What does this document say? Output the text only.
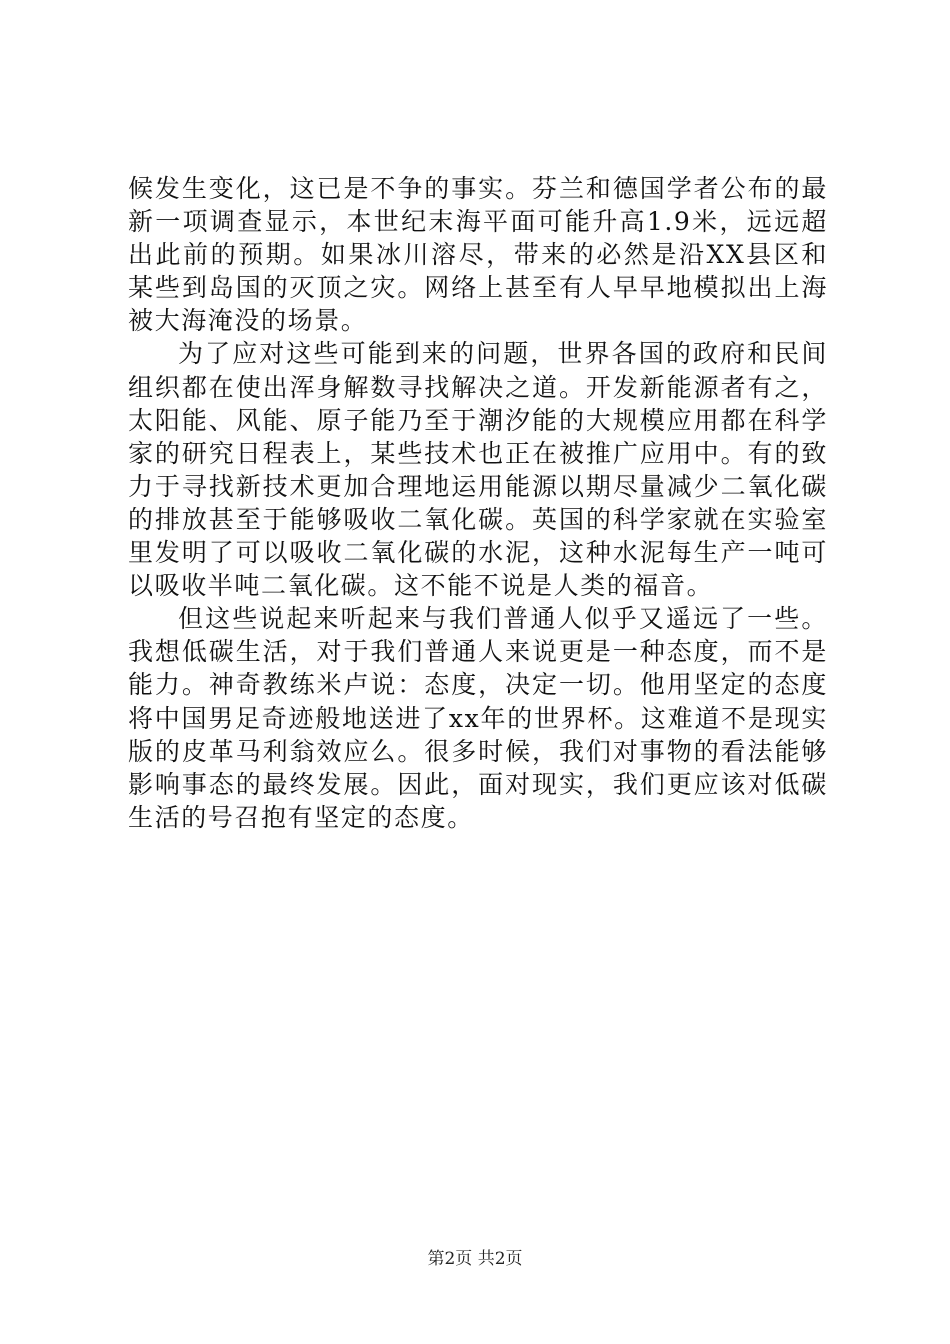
候发生变化，这已是不争的事实。芬兰和德国学者公布的最新一项调查显示，本世纪末海平面可能升高1.9米，远远超出此前的预期。如果冰川溶尽，带来的必然是沿XX县区和某些到岛国的灭顶之灾。网络上甚至有人早早地模拟出上海被大海淹没的场景。

为了应对这些可能到来的问题，世界各国的政府和民间组织都在使出浑身解数寻找解决之道。开发新能源者有之，太阳能、风能、原子能乃至于潮汐能的大规模应用都在科学家的研究日程表上，某些技术也正在被推广应用中。有的致力于寻找新技术更加合理地运用能源以期尽量减少二氧化碳的排放甚至于能够吸收二氧化碳。英国的科学家就在实验室里发明了可以吸收二氧化碳的水泥，这种水泥每生产一吨可以吸收半吨二氧化碳。这不能不说是人类的福音。

但这些说起来听起来与我们普通人似乎又遥远了一些。我想低碳生活，对于我们普通人来说更是一种态度，而不是能力。神奇教练米卢说：态度，决定一切。他用坚定的态度将中国男足奇迹般地送进了xx年的世界杯。这难道不是现实版的皮革马利翁效应么。很多时候，我们对事物的看法能够影响事态的最终发展。因此，面对现实，我们更应该对低碳生活的号召抱有坚定的态度。

第2页 共2页
